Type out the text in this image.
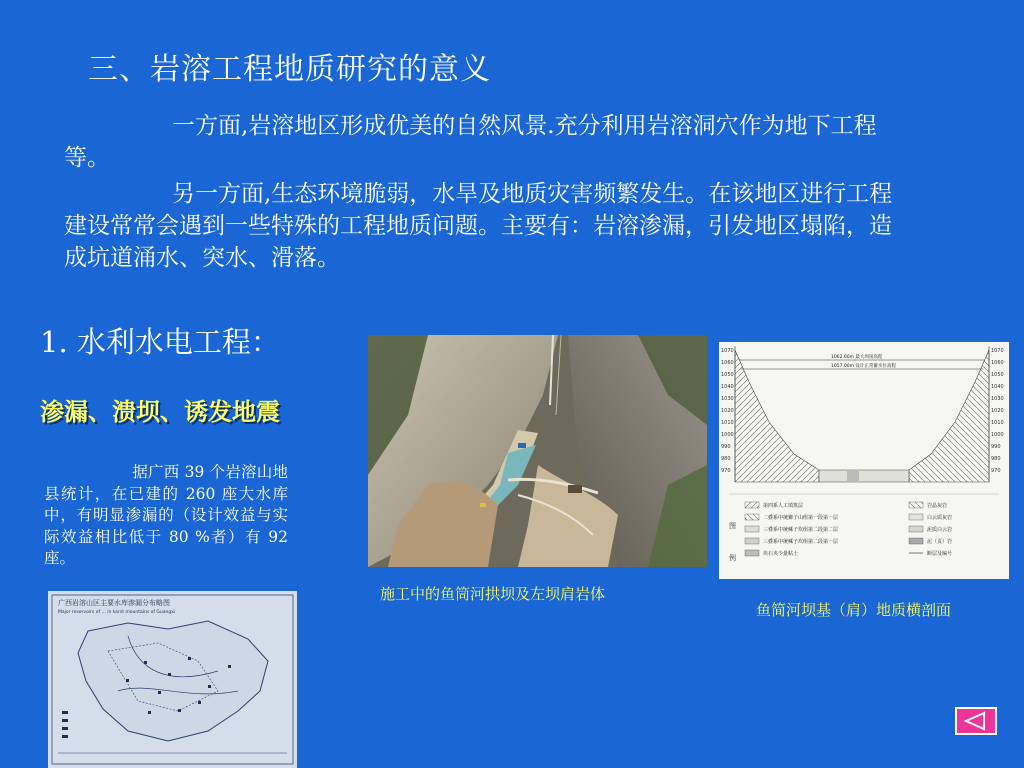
三、岩溶工程地质研究的意义
一方面,岩溶地区形成优美的自然风景.充分利用岩溶洞穴作为地下工程等。
另一方面,生态环境脆弱，水旱及地质灾害频繁发生。在该地区进行工程建设常常会遇到一些特殊的工程地质问题。主要有：岩溶渗漏，引发地区塌陷，造成坑道涌水、突水、滑落。
1. 水利水电工程：
渗漏、溃坝、诱发地震
据广西 39 个岩溶山地县统计，在已建的 260 座大水库中，有明显渗漏的（设计效益与实际效益相比低于 80 %者）有 92 座。
施工中的鱼筒河拱坝及左坝肩岩体
1070
1060
1050
1040
1030
1020
1010
1000
990
980
970
1070
1060
1050
1040
1030
1020
1010
1000
990
980
970
1062.60m 最大坝顶高程
1057.00m 设计正常蓄水位高程
图
例
第四系人工填筑层
二叠系中统狮子山组第一段第一层
三叠系中统嵊子坎组第二段第二层
三叠系中统嵊子坎组第二段第一层
块石夹少量粘土
岩晶灰岩
白云质灰岩
泥质白云岩
泥（页）岩
断层及编号
鱼简河坝基（肩）地质横剖面
广西岩溶山区主要水库渗漏分布略图
Major reservoirs of ... in karst mountains of Guangxi
